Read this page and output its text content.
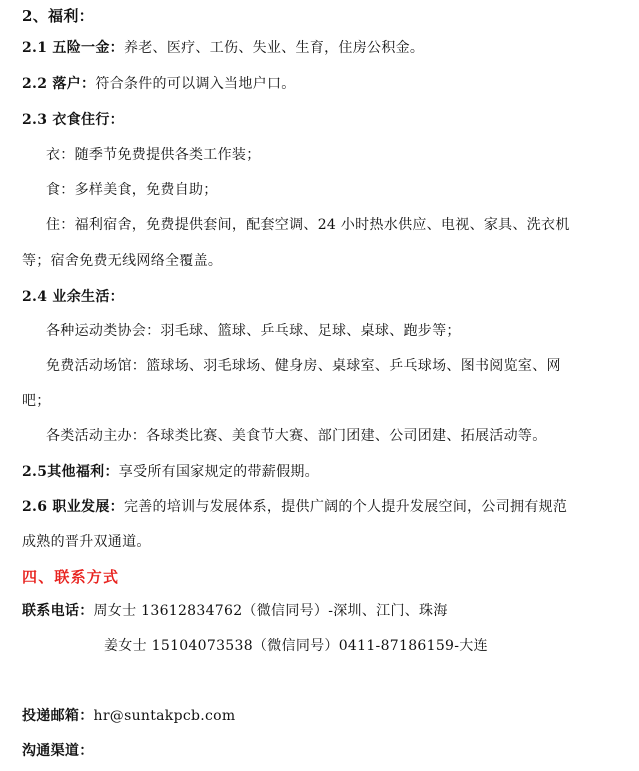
2、福利：
2.1 五险一金：养老、医疗、工伤、失业、生育，住房公积金。
2.2 落户：符合条件的可以调入当地户口。
2.3 衣食住行：
衣：随季节免费提供各类工作装；
食：多样美食，免费自助；
住：福利宿舍，免费提供套间，配套空调、24 小时热水供应、电视、家具、洗衣机
等；宿舍免费无线网络全覆盖。
2.4 业余生活：
各种运动类协会：羽毛球、篮球、乒乓球、足球、桌球、跑步等；
免费活动场馆：篮球场、羽毛球场、健身房、桌球室、乒乓球场、图书阅览室、网
吧；
各类活动主办：各球类比赛、美食节大赛、部门团建、公司团建、拓展活动等。
2.5其他福利：享受所有国家规定的带薪假期。
2.6 职业发展：完善的培训与发展体系，提供广阔的个人提升发展空间，公司拥有规范
成熟的晋升双通道。
四、联系方式
联系电话：周女士 13612834762（微信同号）-深圳、江门、珠海
姜女士 15104073538（微信同号）0411-87186159-大连
投递邮箱：hr@suntakpcb.com
沟通渠道：
